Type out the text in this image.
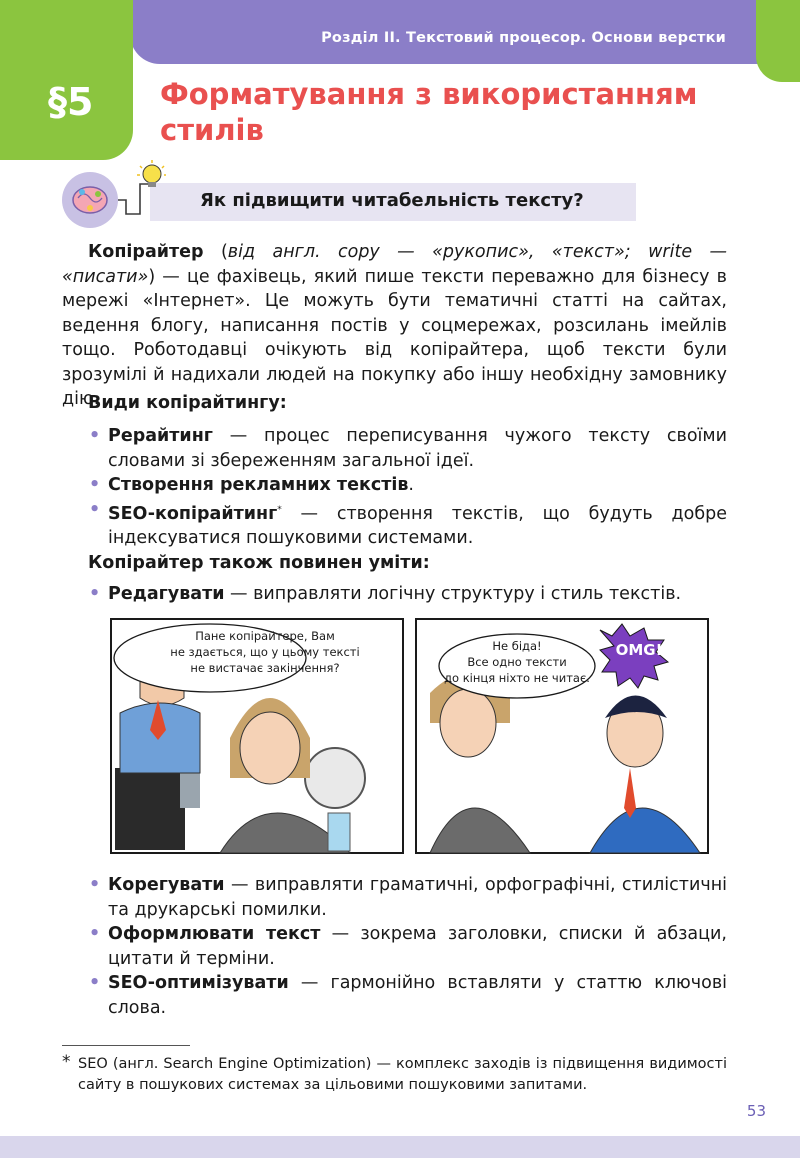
Розділ ІІ. Текстовий процесор. Основи верстки
§5 Форматування з використанням
стилів
Як підвищити читабельність тексту?
Копірайтер (від англ. copy — «рукопис», «текст»; write — «писати») — це фахівець, який пише тексти переважно для бізнесу в мережі «Інтернет». Це можуть бути тематичні статті на сайтах, ведення блогу, написання постів у соцмережах, розсилань імейлів тощо. Роботодавці очікують від копірайтера, щоб тексти були зрозумілі й надихали людей на покупку або іншу необхідну замовнику дію.
Види копірайтингу:
• Рерайтинг — процес переписування чужого тексту своїми словами зі збереженням загальної ідеї.
• Створення рекламних текстів.
• SEO-копірайтинг* — створення текстів, що будуть добре індексуватися пошуковими системами.
Копірайтер також повинен уміти:
• Редагувати — виправляти логічну структуру і стиль текстів.
Пане копірайтере, Вам
не здається, що у цьому тексті
не вистачає закінчення?
Не біда!
Все одно тексти
до кінця ніхто не читає.
OMG!
• Корегувати — виправляти граматичні, орфографічні, стилістичні та друкарські помилки.
• Оформлювати текст — зокрема заголовки, списки й абзаци, цитати й терміни.
• SEO-оптимізувати — гармонійно вставляти у статтю ключові слова.
* SEO (англ. Search Engine Optimization) — комплекс заходів із підвищення видимості сайту в пошукових системах за цільовими пошуковими запитами.
53
